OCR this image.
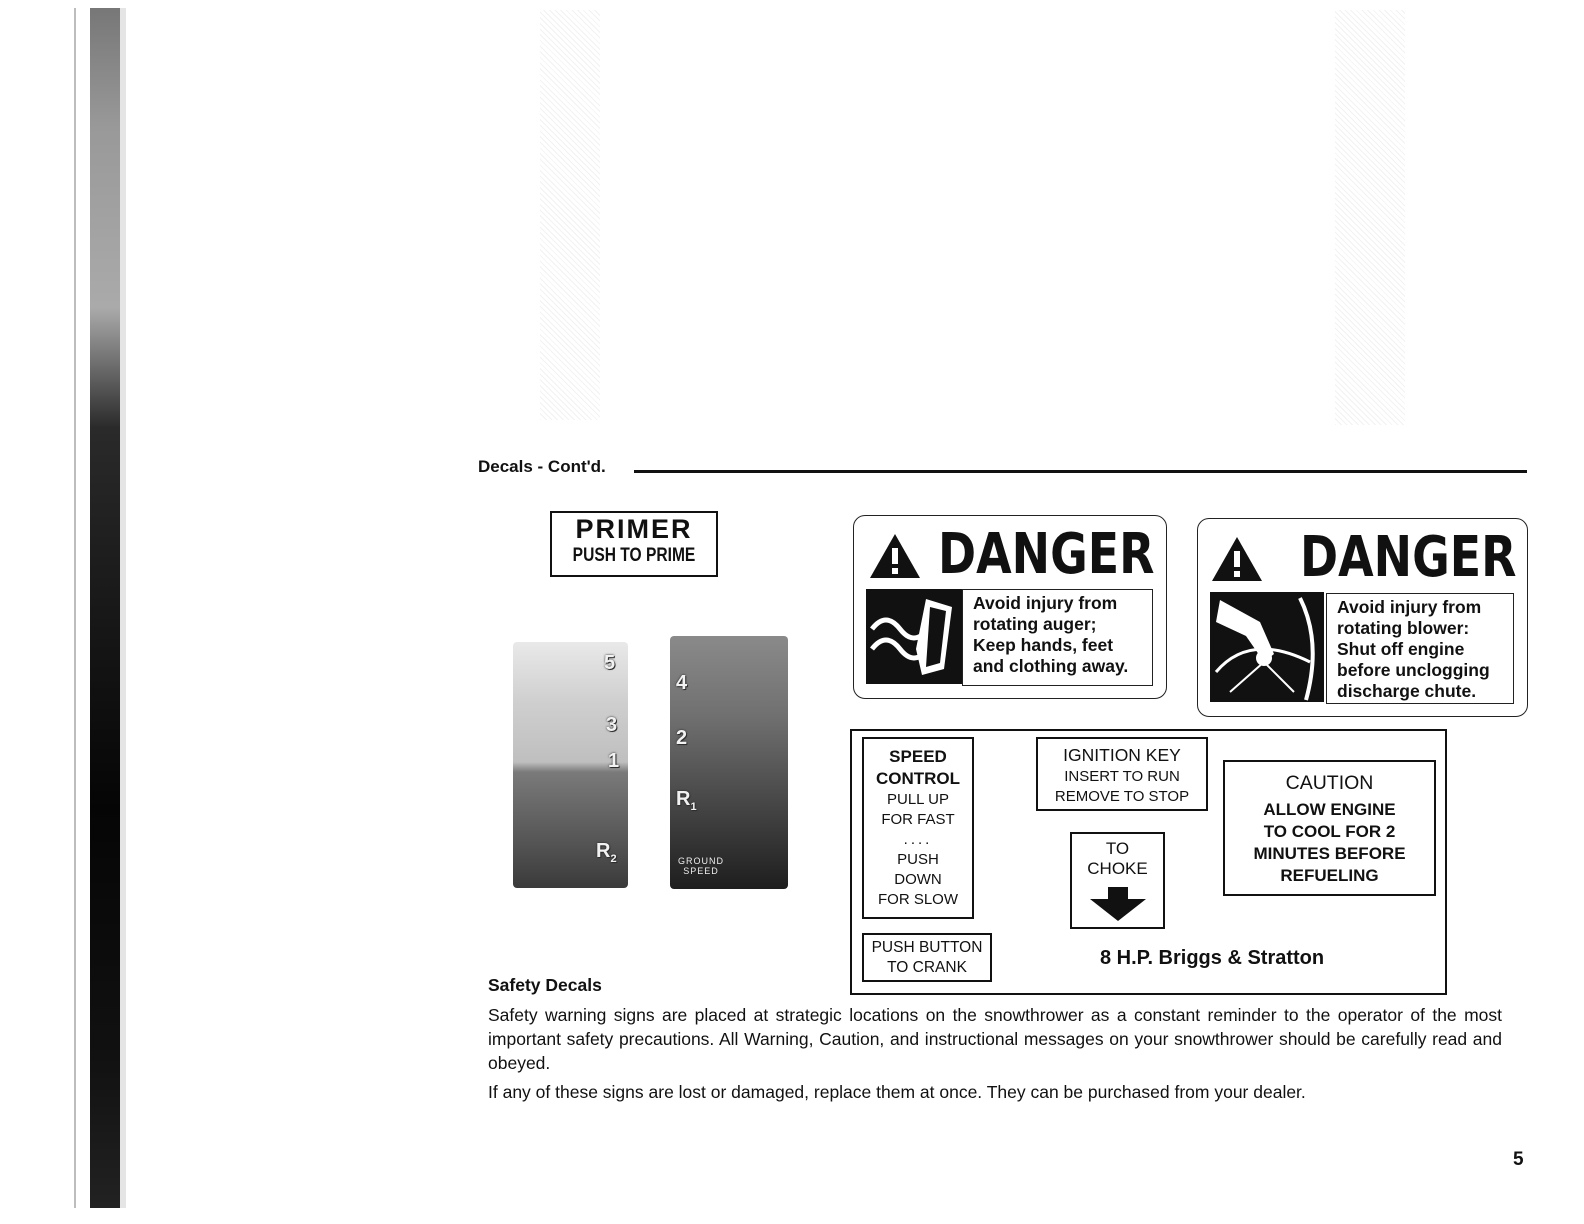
Decals - Cont'd.
PRIMER
PUSH TO PRIME
5
3
1
$R_2$
4
2
$R_1$
GROUND
SPEED
DANGER
Avoid injury from
rotating auger;
Keep hands, feet
and clothing away.
DANGER
Avoid injury from
rotating blower:
Shut off engine
before unclogging
discharge chute.
SPEED
CONTROL
PULL UP
FOR FAST
....
PUSH
DOWN
FOR SLOW
IGNITION KEY
INSERT TO RUN
REMOVE TO STOP
TO
CHOKE
CAUTION
ALLOW ENGINE
TO COOL FOR 2
MINUTES BEFORE
REFUELING
PUSH BUTTON
TO CRANK	8 H.P. Briggs & Stratton
Safety Decals
Safety warning signs are placed at strategic locations on the snowthrower as a constant reminder to the operator of the most important safety precautions. All Warning, Caution, and instructional messages on your snowthrower should be carefully read and obeyed.
If any of these signs are lost or damaged, replace them at once. They can be purchased from your dealer.
5
